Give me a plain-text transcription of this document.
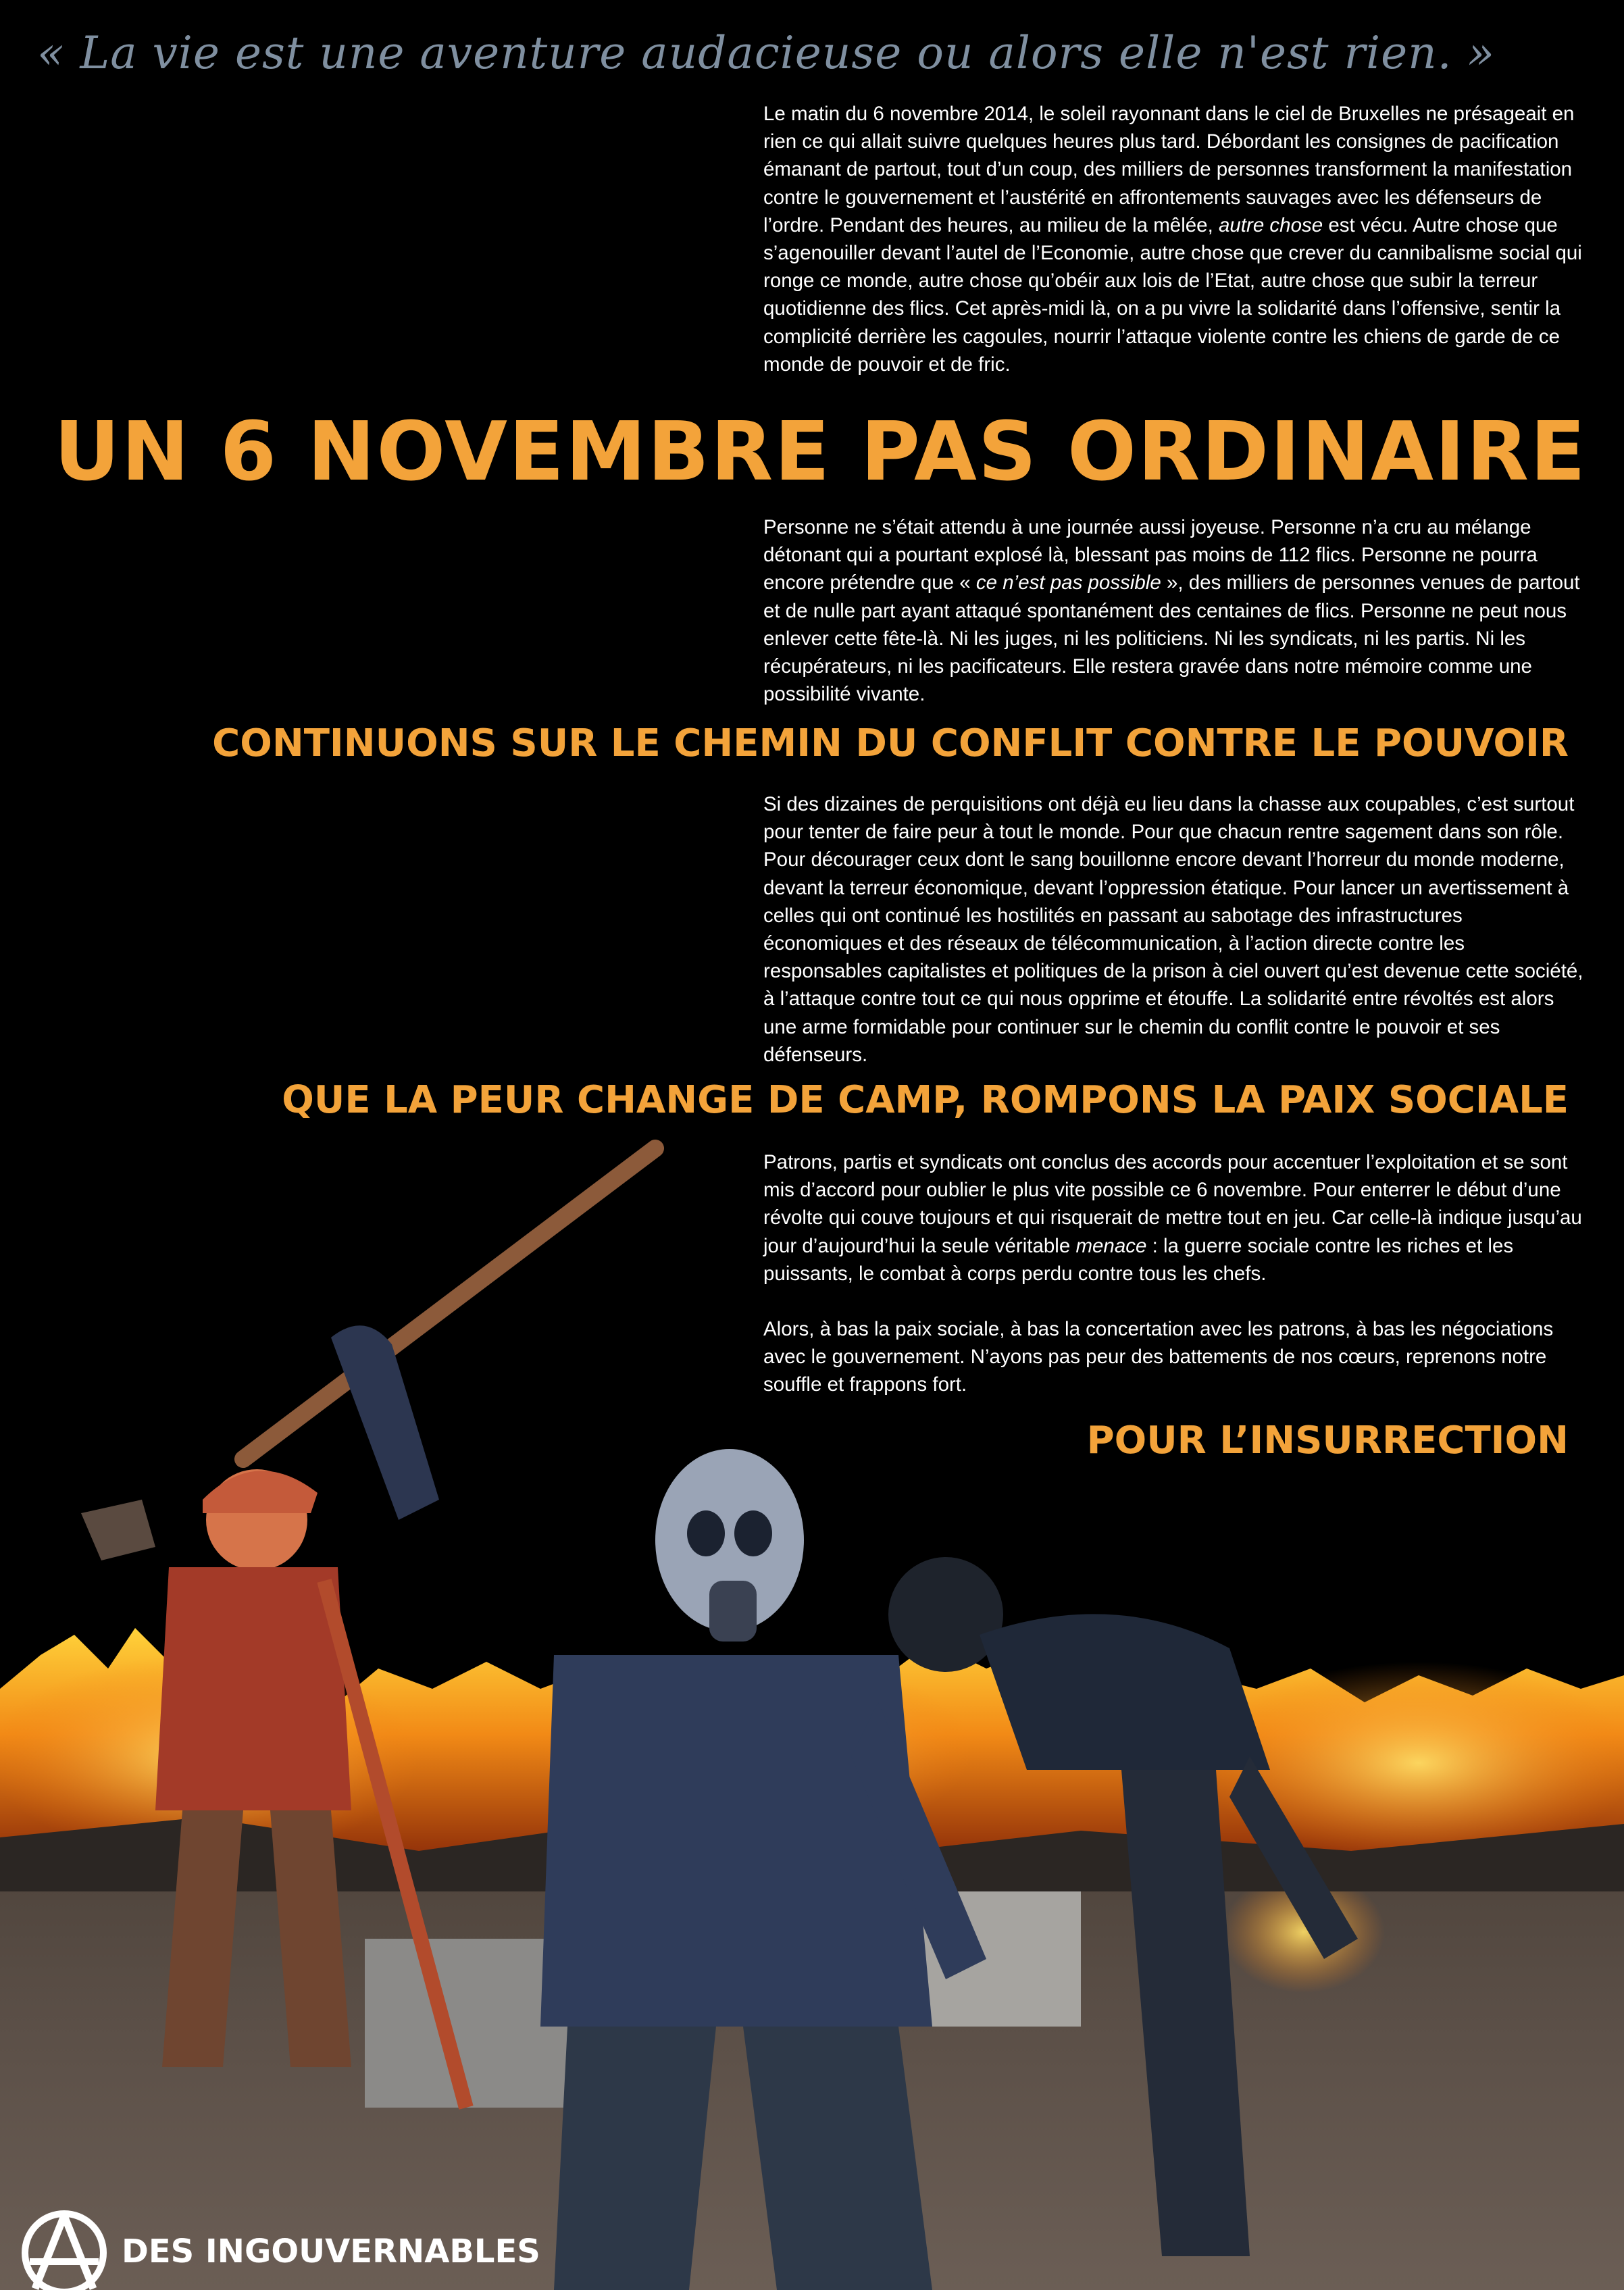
« La vie est une aventure audacieuse ou alors elle n'est rien. »

Le matin du 6 novembre 2014, le soleil rayonnant dans le ciel de Bruxelles ne présageait en rien ce qui allait suivre quelques heures plus tard. Débordant les consignes de pacification émanant de partout, tout d’un coup, des milliers de personnes transforment la manifestation contre le gouvernement et l’austérité en affrontements sauvages avec les défenseurs de l’ordre. Pendant des heures, au milieu de la mêlée, autre chose est vécu. Autre chose que s’agenouiller devant l’autel de l’Economie, autre chose que crever du cannibalisme social qui ronge ce monde, autre chose qu’obéir aux lois de l’Etat, autre chose que subir la terreur quotidienne des flics. Cet après-midi là, on a pu vivre la solidarité dans l’offensive, sentir la complicité derrière les cagoules, nourrir l’attaque violente contre les chiens de garde de ce monde de pouvoir et de fric.

UN 6 NOVEMBRE PAS ORDINAIRE

Personne ne s’était attendu à une journée aussi joyeuse. Personne n’a cru au mélange détonant qui a pourtant explosé là, blessant pas moins de 112 flics. Personne ne pourra encore prétendre que « ce n’est pas possible », des milliers de personnes venues de partout et de nulle part ayant attaqué spontanément des centaines de flics. Personne ne peut nous enlever cette fête-là. Ni les juges, ni les politiciens. Ni les syndicats, ni les partis. Ni les récupérateurs, ni les pacificateurs. Elle restera gravée dans notre mémoire comme une possibilité vivante.

CONTINUONS SUR LE CHEMIN DU CONFLIT CONTRE LE POUVOIR

Si des dizaines de perquisitions ont déjà eu lieu dans la chasse aux coupables, c’est surtout pour tenter de faire peur à tout le monde. Pour que chacun rentre sagement dans son rôle. Pour décourager ceux dont le sang bouillonne encore devant l’horreur du monde moderne, devant la terreur économique, devant l’oppression étatique. Pour lancer un avertissement à celles qui ont continué les hostilités en passant au sabotage des infrastructures économiques et des réseaux de télécommunication, à l’action directe contre les responsables capitalistes et politiques de la prison à ciel ouvert qu’est devenue cette société, à l’attaque contre tout ce qui nous opprime et étouffe. La solidarité entre révoltés est alors une arme formidable pour continuer sur le chemin du conflit contre le pouvoir et ses défenseurs.

QUE LA PEUR CHANGE DE CAMP, ROMPONS LA PAIX SOCIALE

Patrons, partis et syndicats ont conclus des accords pour accentuer l’exploitation et se sont mis d’accord pour oublier le plus vite possible ce 6 novembre. Pour enterrer le début d’une révolte qui couve toujours et qui risquerait de mettre tout en jeu. Car celle-là indique jusqu’au jour d’aujourd’hui la seule véritable menace : la guerre sociale contre les riches et les puissants, le combat à corps perdu contre tous les chefs.

Alors, à bas la paix sociale, à bas la concertation avec les patrons, à bas les négociations avec le gouvernement. N’ayons pas peur des battements de nos cœurs, reprenons notre souffle et frappons fort.

POUR L’INSURRECTION
DES INGOUVERNABLES
